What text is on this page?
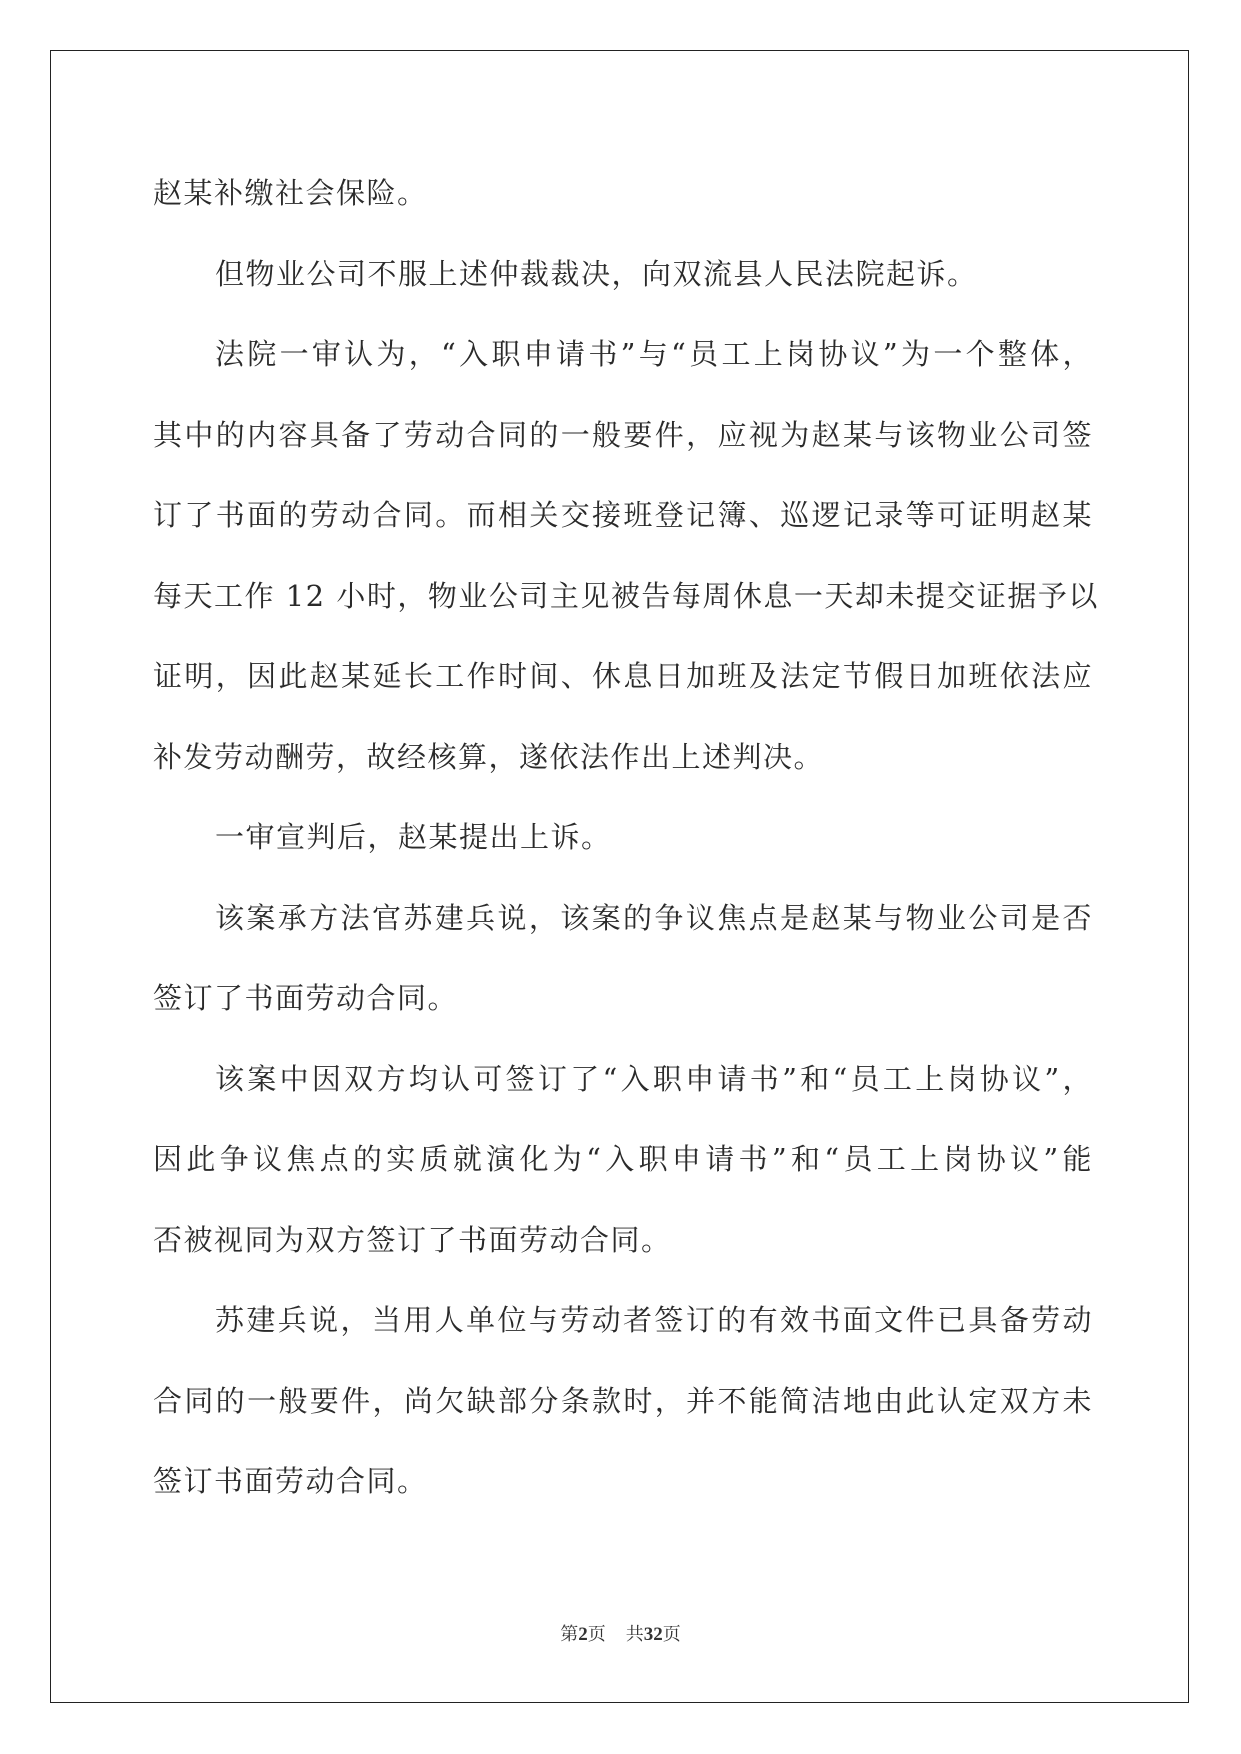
赵某补缴社会保险。
但物业公司不服上述仲裁裁决，向双流县人民法院起诉。
法院一审认为，“入职申请书”与“员工上岗协议”为一个整体，
其中的内容具备了劳动合同的一般要件，应视为赵某与该物业公司签
订了书面的劳动合同。而相关交接班登记簿、巡逻记录等可证明赵某
每天工作 12 小时，物业公司主见被告每周休息一天却未提交证据予以
证明，因此赵某延长工作时间、休息日加班及法定节假日加班依法应
补发劳动酬劳，故经核算，遂依法作出上述判决。
一审宣判后，赵某提出上诉。
该案承方法官苏建兵说，该案的争议焦点是赵某与物业公司是否
签订了书面劳动合同。
该案中因双方均认可签订了“入职申请书”和“员工上岗协议”，
因此争议焦点的实质就演化为“入职申请书”和“员工上岗协议”能
否被视同为双方签订了书面劳动合同。
苏建兵说，当用人单位与劳动者签订的有效书面文件已具备劳动
合同的一般要件，尚欠缺部分条款时，并不能简洁地由此认定双方未
签订书面劳动合同。
第2页 共32页
